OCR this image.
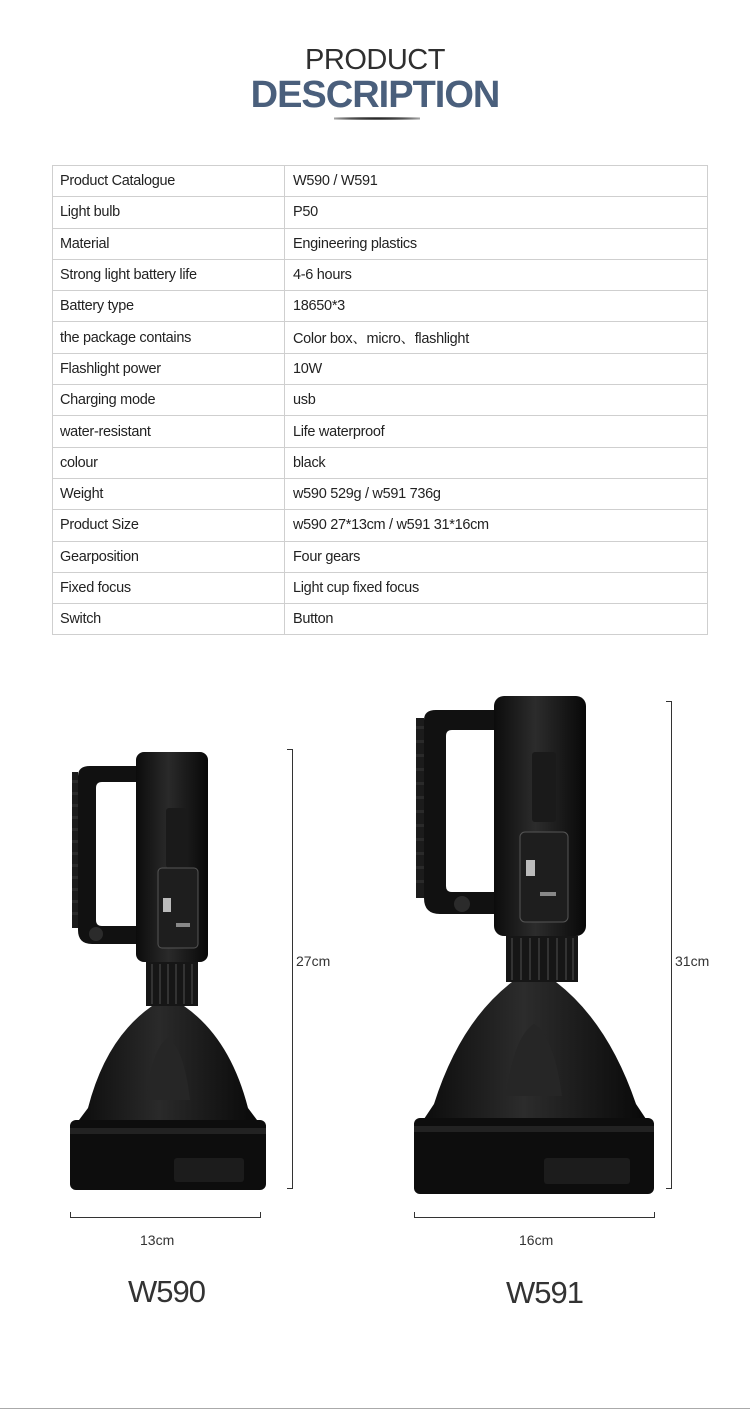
PRODUCT
DESCRIPTION
Product Catalogue	W590 / W591
Light bulb	P50
Material	Engineering plastics
Strong light battery life	4-6 hours
Battery type	18650*3
the package contains	Color box、micro、flashlight
Flashlight power	10W
Charging mode	usb
water-resistant	Life waterproof
colour	black
Weight	w590 529g / w591 736g
Product Size	w590 27*13cm / w591 31*16cm
Gearposition	Four gears
Fixed focus	Light cup fixed focus
Switch	Button
27cm
13cm
W590
31cm
16cm
W591
